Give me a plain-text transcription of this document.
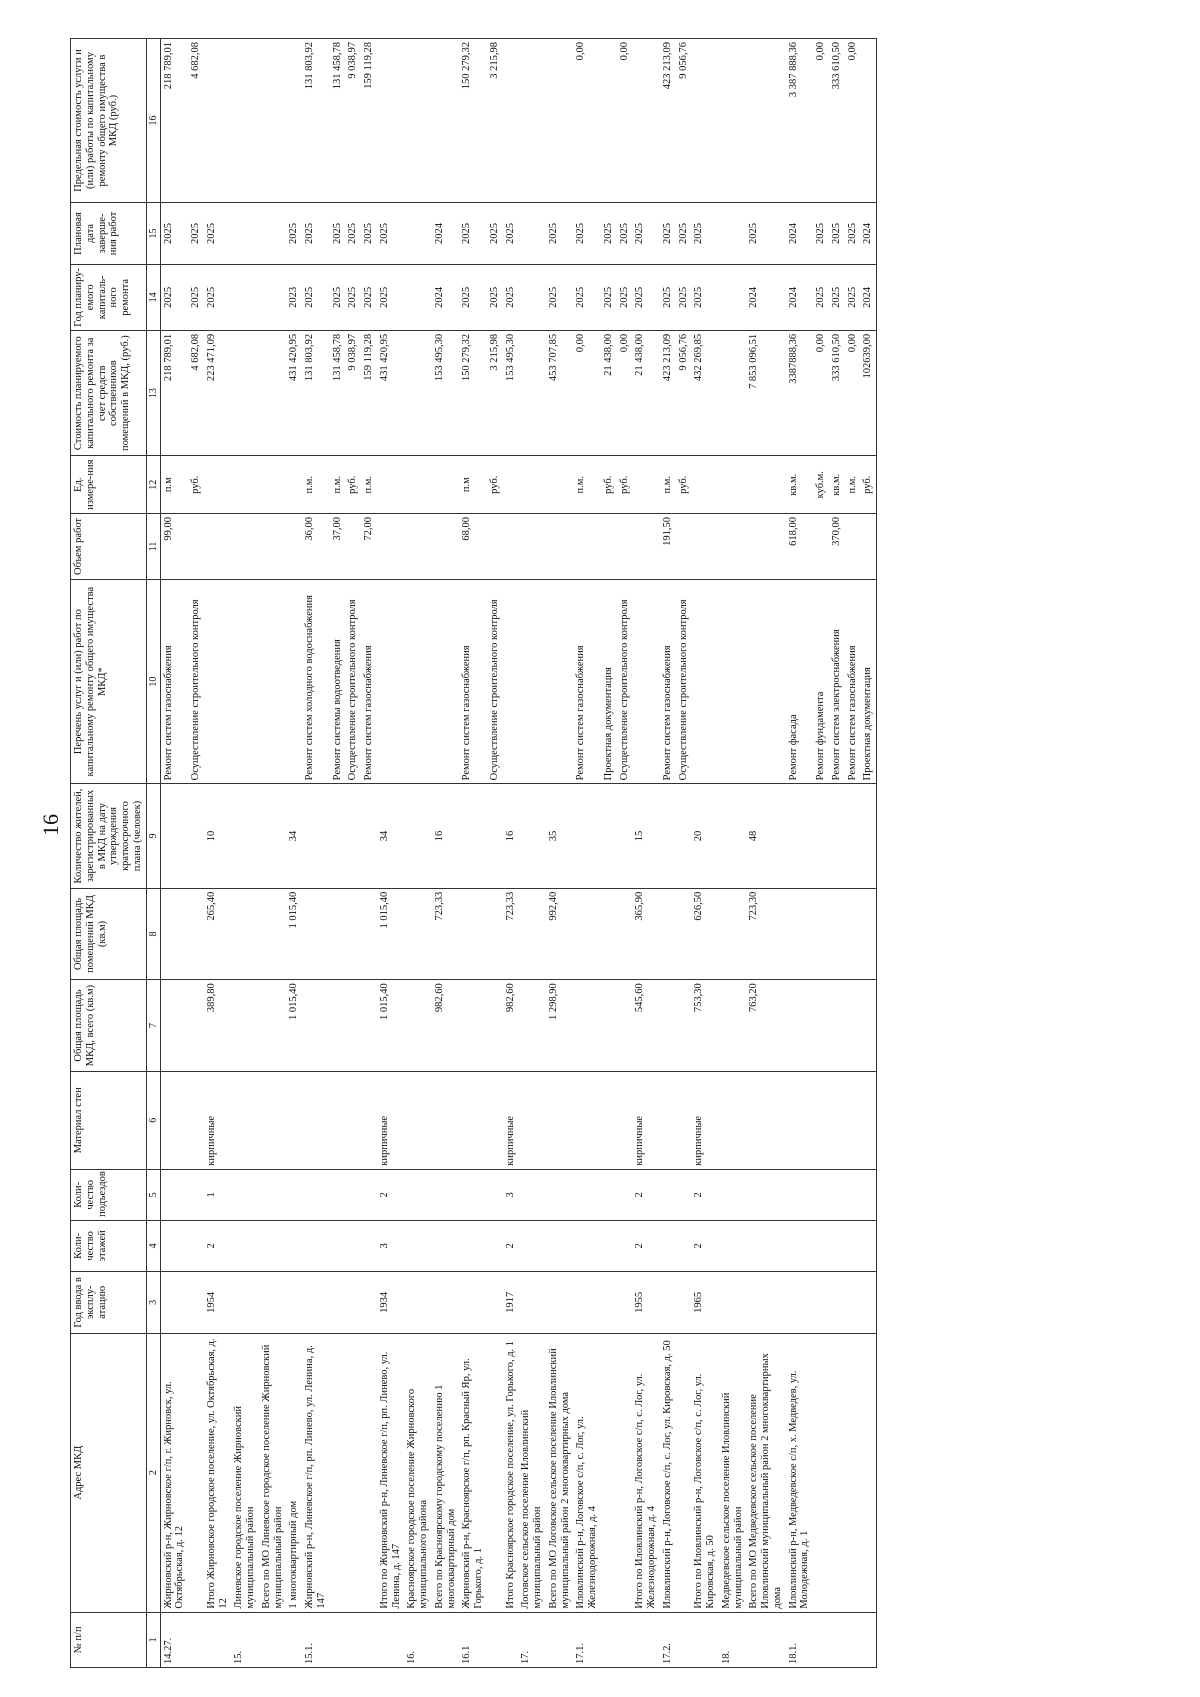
16
№ п/п	Адрес МКД	Год ввода в эксплу-атацию	Коли-чество этажей	Коли-чество подъездов	Материал стен	Общая площадь МКД, всего (кв.м)	Общая площадь помещений МКД (кв.м)	Количество жителей, зарегистрированных в МКД на дату утверждения краткосрочного плана (человек)	Перечень услуг и (или) работ по капитальному ремонту общего имущества МКД*	Объем работ	Ед. измере-ния	Стоимость планируемого капитального ремонта за счет средств собственников помещений в МКД, (руб.)	Год планиру-емого капиталь-ного ремонта	Плановая дата заверше-ния работ	Предельная стоимость услуги и (или) работы по капитальному ремонту общего имущества в МКД (руб.)
1	2	3	4	5	6	7	8	9	10	11	12	13	14	15	16
14.27.	Жирновский р-н, Жирновское г/п, г. Жирновск, ул. Октябрьская, д. 12								Ремонт систем газоснабжения	99,00	п.м	218 789,01	2025	2025	218 789,01
									Осуществление строительного контроля		руб.	4 682,08	2025	2025	4 682,08
	Итого Жирновское городское поселение, ул. Октябрьская, д. 12	1954	2	1	кирпичные	389,80	265,40	10				223 471,09	2025	2025	
15.	Линевское городское поселение Жирновский муниципальный район														
	Всего по МО Линевское городское поселение Жирновский муниципальный район														
	1 многоквартирный дом					1 015,40	1 015,40	34				431 420,95	2023	2025	
15.1.	Жирновский р-н, Линевское г/п, рп. Линево, ул. Ленина, д. 147								Ремонт систем холодного водоснабжения	36,00	п.м.	131 803,92	2025	2025	131 803,92
									Ремонт системы водоотведения	37,00	п.м.	131 458,78	2025	2025	131 458,78
									Осуществление строительного контроля		руб.	9 038,97	2025	2025	9 038,97
									Ремонт систем газоснабжения	72,00	п.м.	159 119,28	2025	2025	159 119,28
	Итого по Жирновский р-н, Линевское г/п, рп. Линево, ул. Ленина, д. 147	1934	3	2	кирпичные	1 015,40	1 015,40	34				431 420,95	2025	2025	
16.	Красноярское городское поселение Жирновского муниципального района														
	Всего по Красноярскому городскому поселению 1 многоквартирный дом					982,60	723,33	16				153 495,30	2024	2024	
16.1	Жирновский р-н, Красноярское г/п, рп. Красный Яр, ул. Горького, д. 1								Ремонт систем газоснабжения	68,00	п.м	150 279,32	2025	2025	150 279,32
									Осуществление строительного контроля		руб.	3 215,98	2025	2025	3 215,98
	Итого Красноярское городское поселение, ул. Горького, д. 1	1917	2	3	кирпичные	982,60	723,33	16				153 495,30	2025	2025	
17.	Логовское сельское поселение Иловлинский муниципальный район														
	Всего по МО Логовское сельское поселение Иловлинский муниципальный район 2 многоквартирных дома					1 298,90	992,40	35				453 707,85	2025	2025	
17.1.	Иловлинский р-н, Логовское с/п, с. Лог, ул. Железнодорожная, д. 4								Ремонт систем газоснабжения		п.м.	0,00	2025	2025	0,00
									Проектная документация		руб.	21 438,00	2025	2025	
									Осуществление строительного контроля		руб.	0,00	2025	2025	0,00
	Итого по Иловлинский р-н, Логовское с/п, с. Лог, ул. Железнодорожная, д. 4	1955	2	2	кирпичные	545,60	365,90	15				21 438,00	2025	2025	
17.2.	Иловлинский р-н, Логовское с/п, с. Лог, ул. Кировская, д. 50								Ремонт систем газоснабжения	191,50	п.м.	423 213,09	2025	2025	423 213,09
									Осуществление строительного контроля		руб.	9 056,76	2025	2025	9 056,76
	Итого по Иловлинский р-н, Логовское с/п, с. Лог, ул. Кировская, д. 50	1965	2	2	кирпичные	753,30	626,50	20				432 269,85	2025	2025	
18.	Медведевское сельское поселение Иловлинский муниципальный район														
	Всего по МО Медведевское сельское поселение Иловлинский муниципальный район 2 многоквартирных дома					763,20	723,30	48				7 853 096,51	2024	2025	
18.1.	Иловлинский р-н, Медведевское с/п, х. Медведев, ул. Молодежная, д. 1								Ремонт фасада	618,00	кв.м.	3387888,36	2024	2024	3 387 888,36
									Ремонт фундамента		куб.м.	0,00	2025	2025	0,00
									Ремонт систем электроснабжения	370,00	кв.м.	333 610,50	2025	2025	333 610,50
									Ремонт систем газоснабжения		п.м.	0,00	2025	2025	0,00
									Проектная документация		руб.	102639,00	2024	2024	
